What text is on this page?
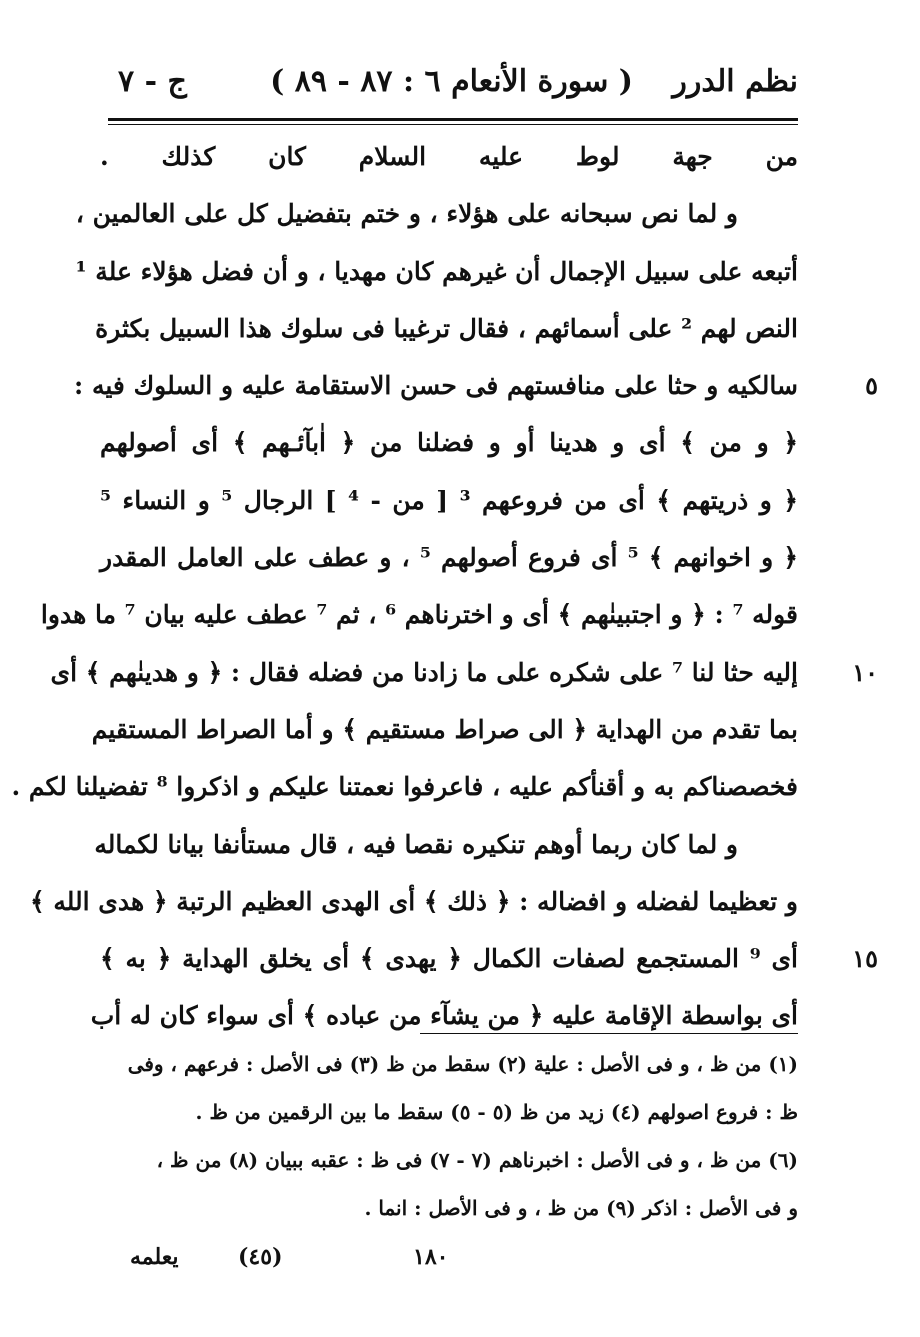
نظم الدرر
( سورة الأنعام ٦ : ٨٧ - ٨٩ )
ج - ٧
من جهة لوط عليه السلام كان كذلك .
و لما نص سبحانه على هؤلاء ، و ختم بتفضيل كل على العالمين ،
أتبعه على سبيل الإجمال أن غيرهم كان مهديا ، و أن فضل هؤلاء علة ¹
النص لهم ² على أسمائهم ، فقال ترغيبا فى سلوك هذا السبيل بكثرة
٥
سالكيه و حثا على منافستهم فى حسن الاستقامة عليه و السلوك فيه :
﴿ و من ﴾ أى و هدينا أو و فضلنا من ﴿ اٰبآئـهم ﴾ أى أصولهم
﴿ و ذريتهم ﴾ أى من فروعهم ³ [ من - ⁴ ] الرجال ⁵ و النساء ⁵
﴿ و اخوانهم ﴾ ⁵ أى فروع أصولهم ⁵ ، و عطف على العامل المقدر
قوله ⁷ : ﴿ و اجتبينٰهم ﴾ أى و اخترناهم ⁶ ، ثم ⁷ عطف عليه بيان ⁷ ما هدوا
١٠
إليه حثا لنا ⁷ على شكره على ما زادنا من فضله فقال : ﴿ و هدينٰهم ﴾ أى
بما تقدم من الهداية ﴿ الى صراط مستقيم ﴾ و أما الصراط المستقيم
فخصصناكم به و أقنأكم عليه ، فاعرفوا نعمتنا عليكم و اذكروا ⁸ تفضيلنا لكم .
و لما كان ربما أوهم تنكيره نقصا فيه ، قال مستأنفا بيانا لكماله
و تعظيما لفضله و افضاله : ﴿ ذلك ﴾ أى الهدى العظيم الرتبة ﴿ هدى الله ﴾
١٥
أى ⁹ المستجمع لصفات الكمال ﴿ يهدى ﴾ أى يخلق الهداية ﴿ به ﴾
أى بواسطة الإقامة عليه ﴿ من يشآء من عباده ﴾ أى سواء كان له أب
(١) من ظ ، و فى الأصل : علية (٢) سقط من ظ (٣) فى الأصل : فرعهم ، وفى
ظ : فروع اصولهم (٤) زيد من ظ (٥ - ٥) سقط ما بين الرقمين من ظ .
(٦) من ظ ، و فى الأصل : اخبرناهم (٧ - ٧) فى ظ : عقبه ببيان (٨) من ظ ،
و فى الأصل : اذكر (٩) من ظ ، و فى الأصل : انما .
١٨٠
(٤٥)
يعلمه
